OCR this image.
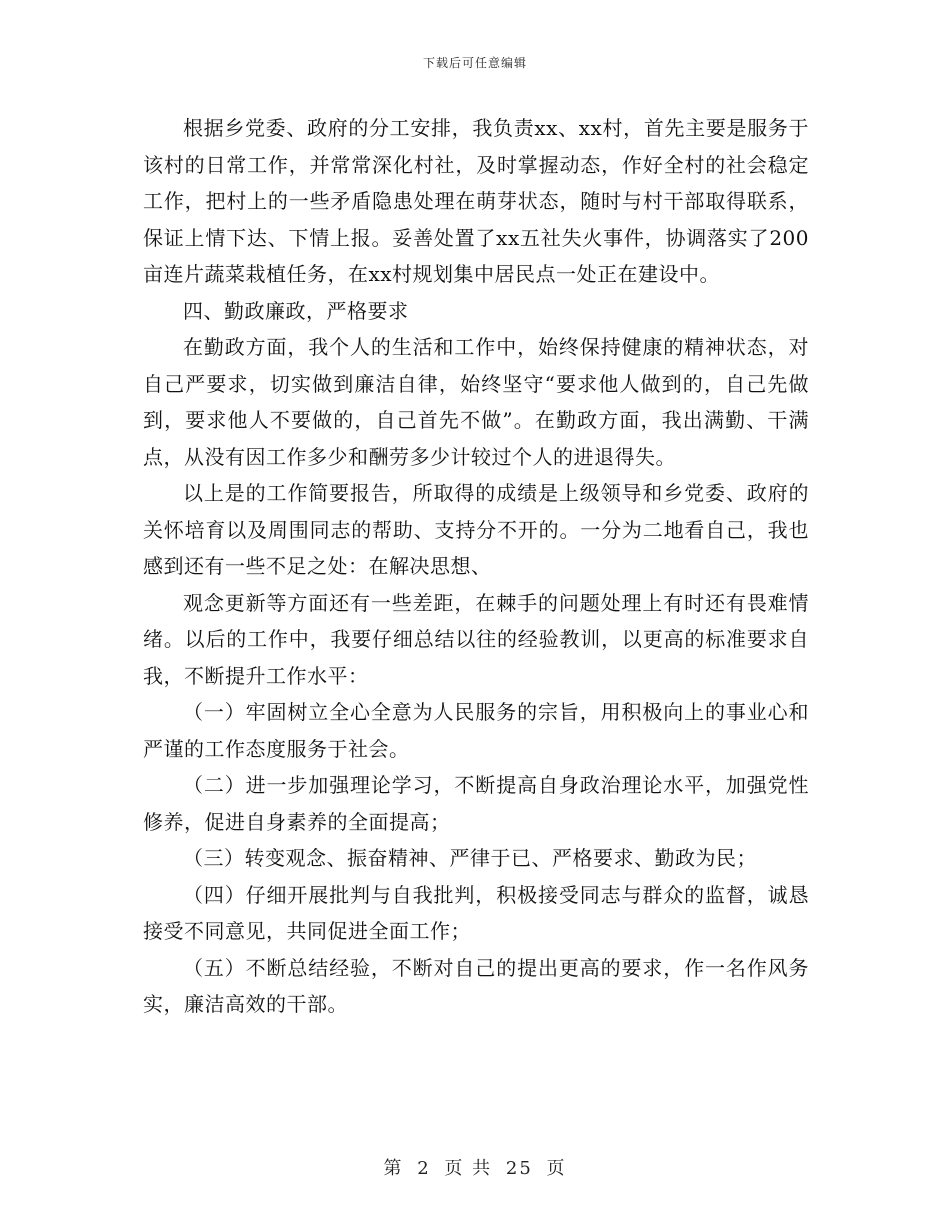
下载后可任意编辑

根据乡党委、政府的分工安排，我负责xx、xx村，首先主要是服务于该村的日常工作，并常常深化村社，及时掌握动态，作好全村的社会稳定工作，把村上的一些矛盾隐患处理在萌芽状态，随时与村干部取得联系，保证上情下达、下情上报。妥善处置了xx五社失火事件，协调落实了200亩连片蔬菜栽植任务，在xx村规划集中居民点一处正在建设中。

四、勤政廉政，严格要求

在勤政方面，我个人的生活和工作中，始终保持健康的精神状态，对自己严要求，切实做到廉洁自律，始终坚守“要求他人做到的，自己先做到，要求他人不要做的，自己首先不做”。在勤政方面，我出满勤、干满点，从没有因工作多少和酬劳多少计较过个人的进退得失。

以上是的工作简要报告，所取得的成绩是上级领导和乡党委、政府的关怀培育以及周围同志的帮助、支持分不开的。一分为二地看自己，我也感到还有一些不足之处：在解决思想、

观念更新等方面还有一些差距，在棘手的问题处理上有时还有畏难情绪。以后的工作中，我要仔细总结以往的经验教训，以更高的标准要求自我，不断提升工作水平：

（一）牢固树立全心全意为人民服务的宗旨，用积极向上的事业心和严谨的工作态度服务于社会。

（二）进一步加强理论学习，不断提高自身政治理论水平，加强党性修养，促进自身素养的全面提高；

（三）转变观念、振奋精神、严律于已、严格要求、勤政为民；

（四）仔细开展批判与自我批判，积极接受同志与群众的监督，诚恳接受不同意见，共同促进全面工作；

（五）不断总结经验，不断对自己的提出更高的要求，作一名作风务实，廉洁高效的干部。

第 2 页 共 25 页
